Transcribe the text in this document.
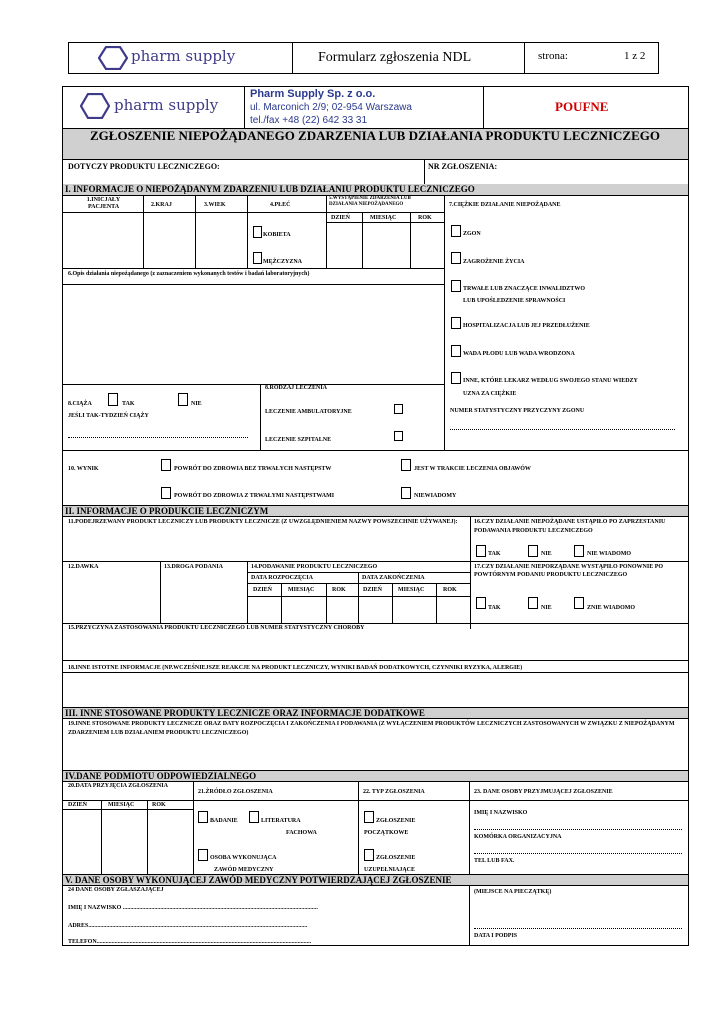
pharm supply	Formularz zgłoszenia NDL	strona:	1 z 2
pharm supply
Pharm Supply Sp. z o.o.
ul. Marconich 2/9; 02-954 Warszawa
tel./fax +48 (22) 642 33 31
POUFNE
ZGŁOSZENIE NIEPOŻĄDANEGO ZDARZENIA LUB DZIAŁANIA PRODUKTU LECZNICZEGO
DOTYCZY PRODUKTU LECZNICZEGO:	NR ZGŁOSZENIA:
I. INFORMACJE O NIEPOŻĄDANYM ZDARZENIU LUB DZIAŁANIU PRODUKTU LECZNICZEGO
1.INICJAŁY PACJENTA	2.KRAJ	3.WIEK	4.PŁEĆ
5.WYSTĄPIENIE ZDARZENIA LUB DZIAŁANIA NIEPOŻĄDANEGO	7.CIĘŻKIE DZIAŁANIE NIEPOŻĄDANE
DZIEŃ	MIESIĄC	ROK
KOBIETA
MĘŻCZYZNA
6.Opis działania niepożądanego (z zaznaczeniem wykonanych testów i badań laboratoryjnych)
ZGON
ZAGROŻENIE ŻYCIA
TRWAŁE LUB ZNACZĄCE INWALIDZTWO
LUB UPOŚLEDZENIE SPRAWNOŚCI
HOSPITALIZACJA LUB JEJ PRZEDŁUŻENIE
WADA PŁODU LUB WADA WRODZONA
INNE, KTÓRE LEKARZ WEDŁUG SWOJEGO STANU WIEDZY
UZNA ZA CIĘŻKIE
NUMER STATYSTYCZNY PRZYCZYNY ZGONU
8.CIĄŻA	TAK	NIE
JEŚLI TAK-TYDZIEŃ CIĄŻY
8.RODZAJ LECZENIA
LECZENIE AMBULATORYJNE
LECZENIE SZPITALNE
10. WYNIK	POWRÓT DO ZDROWIA BEZ TRWAŁYCH NASTĘPSTW	JEST W TRAKCIE LECZENIA OBJAWÓW
POWRÓT DO ZDROWIA Z TRWAŁYMI NASTĘPSTWAMI	NIEWIADOMY
II. INFORMACJE O PRODUKCIE LECZNICZYM
11.PODEJRZEWANY PRODUKT LECZNICZY LUB PRODUKTY LECZNICZE (Z UWZGLĘDNIENIEM NAZWY POWSZECHNIE UŻYWANEJ):	16.CZY DZIAŁANIE NIEPOŻĄDANE USTĄPIŁO PO ZAPRZESTANIU PODAWANIA PRODUKTU LECZNICZEGO
TAK	NIE	NIE WIADOMO
12.DAWKA	13.DROGA PODANIA	14.PODAWANIE PRODUKTU LECZNICZEGO
DATA ROZPOCZĘCIA	DATA ZAKOŃCZENIA
DZIEŃ	MIESIĄC	ROK	DZIEŃ	MIESIĄC	ROK
17.CZY DZIAŁANIE NIEPORZĄDANE WYSTĄPIŁO PONOWNIE PO POWTÓRNYM PODANIU PRODUKTU LECZNICZEGO
TAK	NIE	ZNIE WIADOMO
15.PRZYCZYNA ZASTOSOWANIA PRODUKTU LECZNICZEGO LUB NUMER STATYSTYCZNY CHOROBY
18.INNE ISTOTNE INFORMACJE (NP.WCZEŚNIEJSZE REAKCJE NA PRODUKT LECZNICZY, WYNIKI BADAŃ DODATKOWYCH, CZYNNIKI RYZYKA, ALERGIE)
III. INNE STOSOWANE PRODUKTY LECZNICZE ORAZ INFORMACJE DODATKOWE
19.INNE STOSOWANE PRODUKTY LECZNICZE ORAZ DATY ROZPOCZĘCIA I ZAKOŃCZENIA I PODAWANIA (Z WYŁĄCZENIEM PRODUKTÓW LECZNICZYCH ZASTOSOWANYCH W ZWIĄZKU Z NIEPOŻĄDANYM ZDARZENIEM LUB DZIAŁANIEM PRODUKTU LECZNICZEGO)
IV.DANE PODMIOTU ODPOWIEDZIALNEGO
20.DATA PRZYJĘCIA ZGŁOSZENIA
21.ŹRÓDŁO ZGŁOSZENIA	22. TYP ZGŁOSZENIA	23. DANE OSOBY PRZYJMUJĄCEJ ZGŁOSZENIE
DZIEŃ	MIESIĄC	ROK
BADANIE	LITERATURA
FACHOWA
OSOBA WYKONUJĄCA
ZAWÓD MEDYCZNY
ZGŁOSZENIE
POCZĄTKOWE
ZGŁOSZENIE
UZUPEŁNIAJĄCE
IMIĘ I NAZWISKO
KOMÓRKA ORGANIZACYJNA
TEL LUB FAX.
V. DANE OSOBY WYKONUJĄCEJ ZAWÓD MEDYCZNY POTWIERDZAJĄCEJ ZGŁOSZENIE
24 DANE OSOBY ZGŁASZAJĄCEJ
IMIĘ I NAZWISKO ..................................................................................................................................
ADRES..................................................................................................................................................
TELEFON...............................................................................................................................................
(MIEJSCE NA PIECZĄTKĘ)
DATA I PODPIS
